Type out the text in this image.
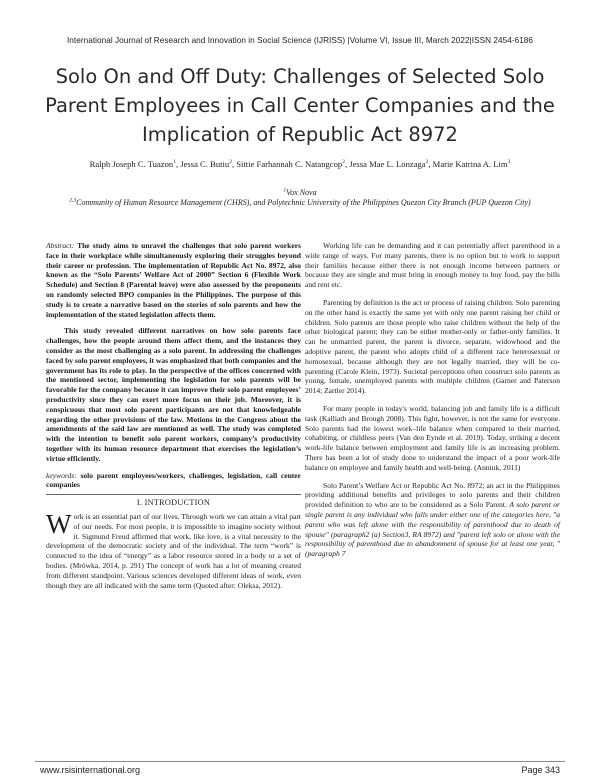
International Journal of Research and Innovation in Social Science (IJRISS) |Volume VI, Issue III, March 2022|ISSN 2454-6186
Solo On and Off Duty: Challenges of Selected Solo Parent Employees in Call Center Companies and the Implication of Republic Act 8972
Ralph Joseph C. Tuazon$^1$, Jessa C. Butiu$^2$, Sittie Farhannah C. Natangcop$^2$, Jessa Mae L. Lonzaga$^2$, Marie Katrina A. Lim$^3$

$^1$Vox Nova

$^{2,3}$Community of Human Resource Management (CHRS), and Polytechnic University of the Philippines Quezon City Branch (PUP Quezon City)

Abstract: The study aims to unravel the challenges that solo parent workers face in their workplace while simultaneously exploring their struggles beyond their career or profession. The implementation of Republic Act No. 8972, also known as the “Solo Parents’ Welfare Act of 2000” Section 6 (Flexible Work Schedule) and Section 8 (Parental leave) were also assessed by the proponents on randomly selected BPO companies in the Philippines. The purpose of this study is to create a narrative based on the stories of solo parents and how the implementation of the stated legislation affects them.

This study revealed different narratives on how solo parents face challenges, how the people around them affect them, and the instances they consider as the most challenging as a solo parent. In addressing the challenges faced by solo parent employees, it was emphasized that both companies and the government has its role to play. In the perspective of the offices concerned with the mentioned sector, implementing the legislation for solo parents will be favorable for the company because it can improve their solo parent employees’ productivity since they can exert more focus on their job. Moreover, it is conspicuous that most solo parent participants are not that knowledgeable regarding the other provisions of the law. Motions in the Congress about the amendments of the said law are mentioned as well. The study was completed with the intention to benefit solo parent workers, company’s productivity together with its human resource department that exercises the legislation’s virtue efficiently.

keywords: solo parent employees/workers, challenges, legislation, call center companies

I. INTRODUCTION

Work is an essential part of our lives. Through work we can attain a vital part of our needs. For most people, it is impossible to imagine society without it. Sigmund Freud affirmed that work, like love, is a vital necessity to the development of the democratic society and of the individual. The term “work” is connected to the idea of “energy” as a labor resource stored in a body or a set of bodies. (Mrówka, 2014, p. 291) The concept of work has a lot of meaning created from different standpoint. Various sciences developed different ideas of work, even though they are all indicated with the same term (Quoted after: Oleksa, 2012).

Working life can be demanding and it can potentially affect parenthood in a wide range of ways. For many parents, there is no option but to work to support their families because either there is not enough income between partners or because they are single and must bring in enough money to buy food, pay the bills and rent etc.

Parenting by definition is the act or process of raising children. Solo parenting on the other hand is exactly the same yet with only one parent raising her child or children. Solo parents are those people who raise children without the help of the other biological parent; they can be either mother-only or father-only families. It can be unmarried parent, the parent is divorce, separate, widowhood and the adoptive parent, the parent who adopts child of a different race heterosexual or homosexual, because although they are not legally married, they will be co-parenting (Carole Klein, 1973). Societal perceptions often construct solo parents as young, female, unemployed parents with multiple children (Garner and Paterson 2014; Zartler 2014).

For many people in today's world, balancing job and family life is a difficult task (Kalliath and Brough 2008). This fight, however, is not the same for everyone. Solo parents had the lowest work–life balance when compared to their married, cohabiting, or childless peers (Van den Eynde et al. 2019). Today, striking a decent work-life balance between employment and family life is an increasing problem. There has been a lot of study done to understand the impact of a poor work-life balance on employee and family health and well-being. (Annink, 2011)

Solo Parent’s Welfare Act or Republic Act No. 8972; an act in the Philippines providing additional benefits and privileges to solo parents and their children provided definition to who are to be considered as a Solo Parent. A solo parent or single parent is any individual who falls under either one of the categories here, "a parent who was left alone with the responsibility of parenthood due to death of spouse" (paragraph2 (a) Section3, RA 8972) and "parent left solo or alone with the responsibility of parenthood due to abandonment of spouse for at least one year, " (paragraph 7

www.rsisinternational.org	Page 343
